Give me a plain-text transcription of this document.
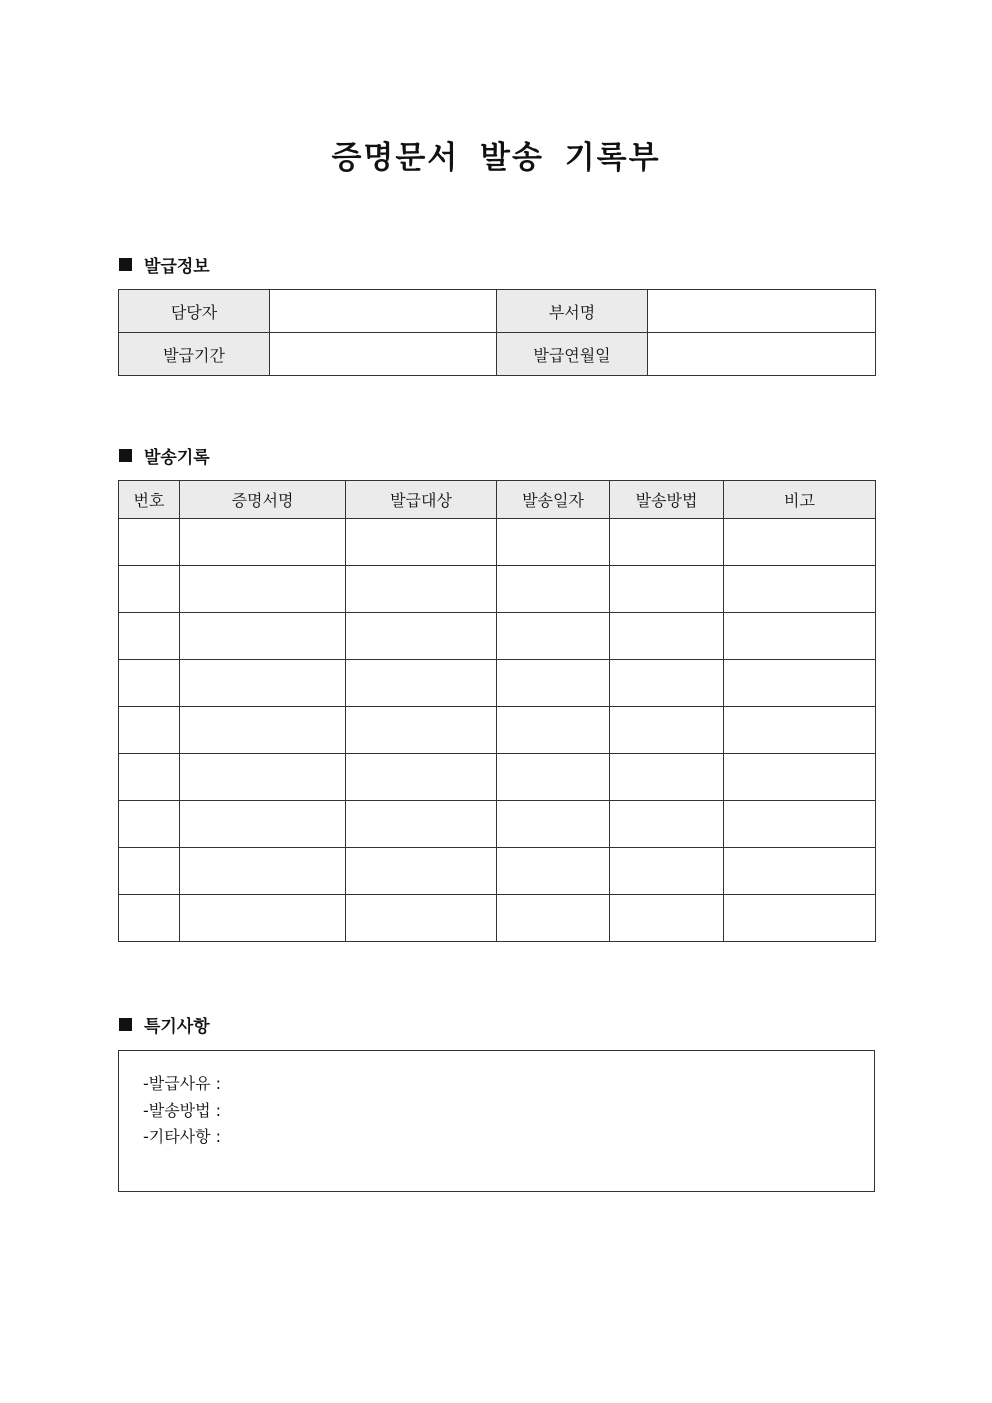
증명문서 발송 기록부
발급정보
담당자		부서명	
발급기간		발급연월일	
발송기록
번호	증명서명	발급대상	발송일자	발송방법	비고

특기사항
-발급사유 :
-발송방법 :
-기타사항 :
